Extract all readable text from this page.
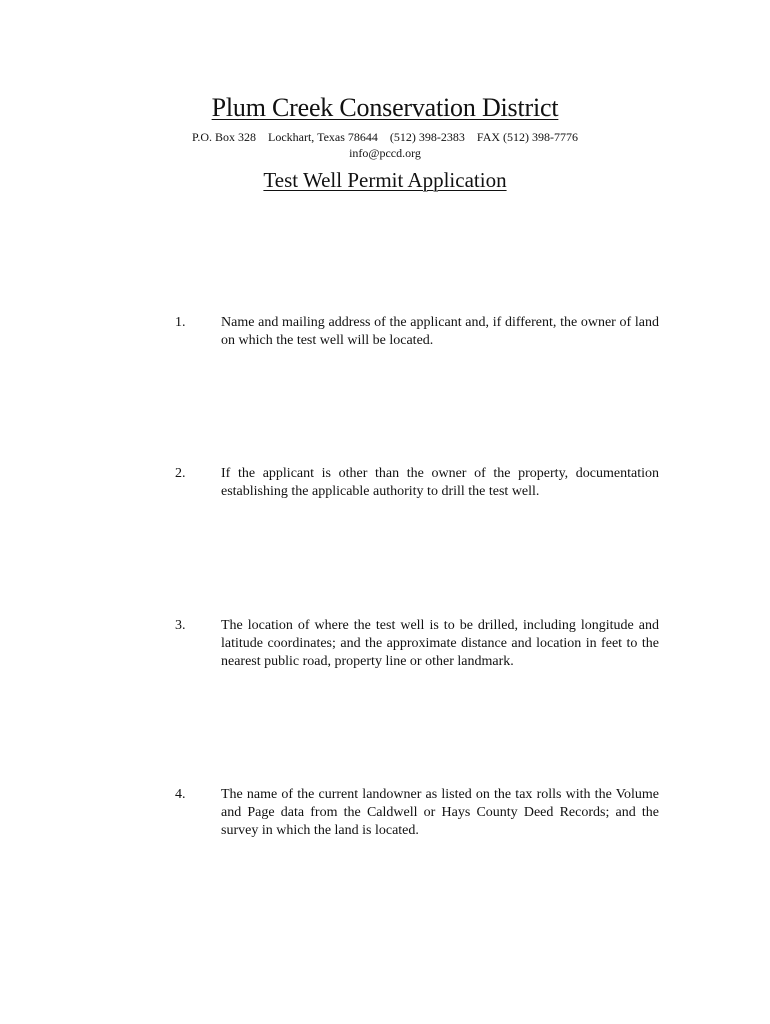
Plum Creek Conservation District
P.O. Box 328 Lockhart, Texas 78644 (512) 398-2383 FAX (512) 398-7776
info@pccd.org
Test Well Permit Application
1.	Name and mailing address of the applicant and, if different, the owner of land on which the test well will be located.
2.	If the applicant is other than the owner of the property, documentation establishing the applicable authority to drill the test well.
3.	The location of where the test well is to be drilled, including longitude and latitude coordinates; and the approximate distance and location in feet to the nearest public road, property line or other landmark.
4.	The name of the current landowner as listed on the tax rolls with the Volume and Page data from the Caldwell or Hays County Deed Records; and the survey in which the land is located.
